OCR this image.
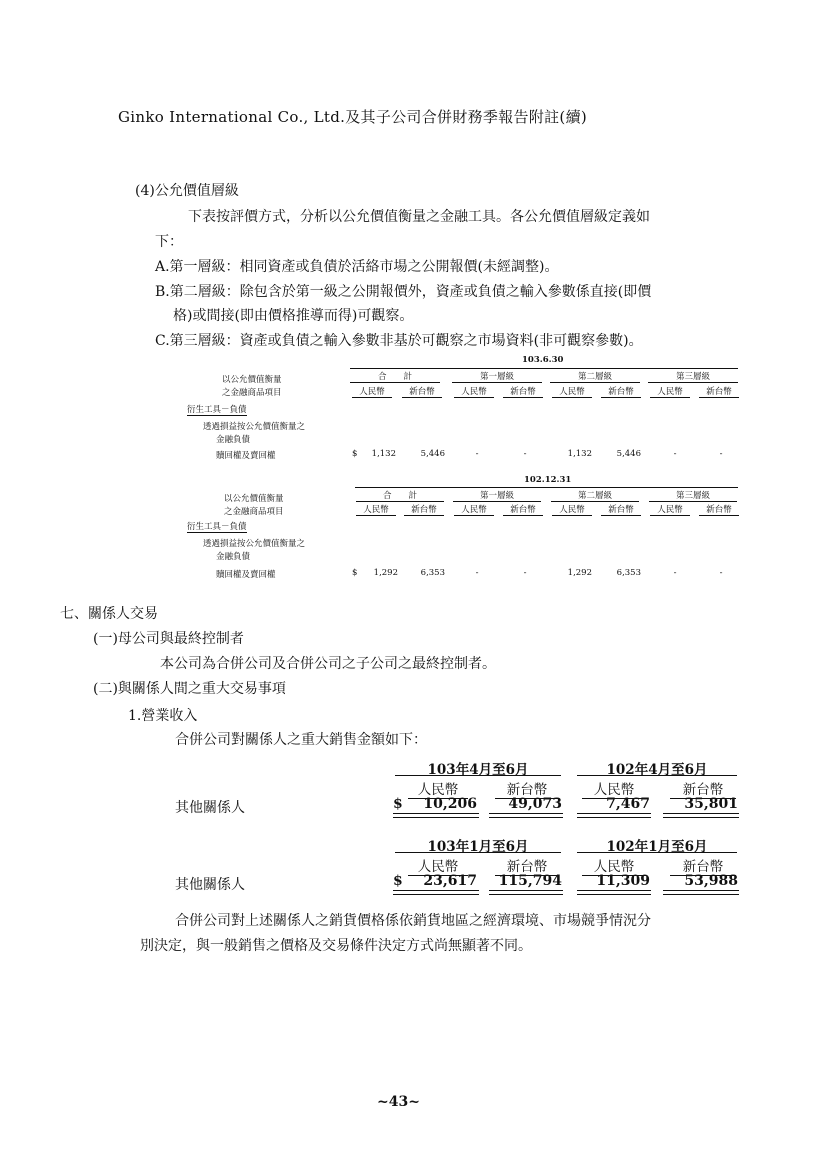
Ginko International Co., Ltd.及其子公司合併財務季報告附註(續)
(4)公允價值層級
下表按評價方式，分析以公允價值衡量之金融工具。各公允價值層級定義如
下：
A.第一層級：相同資產或負債於活絡市場之公開報價(未經調整)。
B.第二層級：除包含於第一級之公開報價外，資產或負債之輸入參數係直接(即價
格)或間接(即由價格推導而得)可觀察。
C.第三層級：資產或負債之輸入參數非基於可觀察之市場資料(非可觀察參數)。
103.6.30
合　　計	第一層級	第二層級	第三層級
以公允價值衡量
之金融商品項目	人民幣	新台幣	人民幣	新台幣	人民幣	新台幣	人民幣	新台幣
衍生工具－負債
透過損益按公允價值衡量之
金融負債
贖回權及賣回權	$	1,132	5,446	-	-	1,132	5,446	-	-
102.12.31
合　　計	第一層級	第二層級	第三層級
以公允價值衡量
之金融商品項目	人民幣	新台幣	人民幣	新台幣	人民幣	新台幣	人民幣	新台幣
衍生工具－負債
透過損益按公允價值衡量之
金融負債
贖回權及賣回權	$	1,292	6,353	-	-	1,292	6,353	-	-
七、關係人交易
(一)母公司與最終控制者
本公司為合併公司及合併公司之子公司之最終控制者。
(二)與關係人間之重大交易事項
1.營業收入
合併公司對關係人之重大銷售金額如下：
103年4月至6月	102年4月至6月
人民幣	新台幣	人民幣	新台幣
其他關係人	$	10,206	49,073	7,467	35,801
103年1月至6月	102年1月至6月
人民幣	新台幣	人民幣	新台幣
其他關係人	$	23,617	115,794	11,309	53,988
合併公司對上述關係人之銷貨價格係依銷貨地區之經濟環境、市場競爭情況分
別決定，與一般銷售之價格及交易條件決定方式尚無顯著不同。
~43~
